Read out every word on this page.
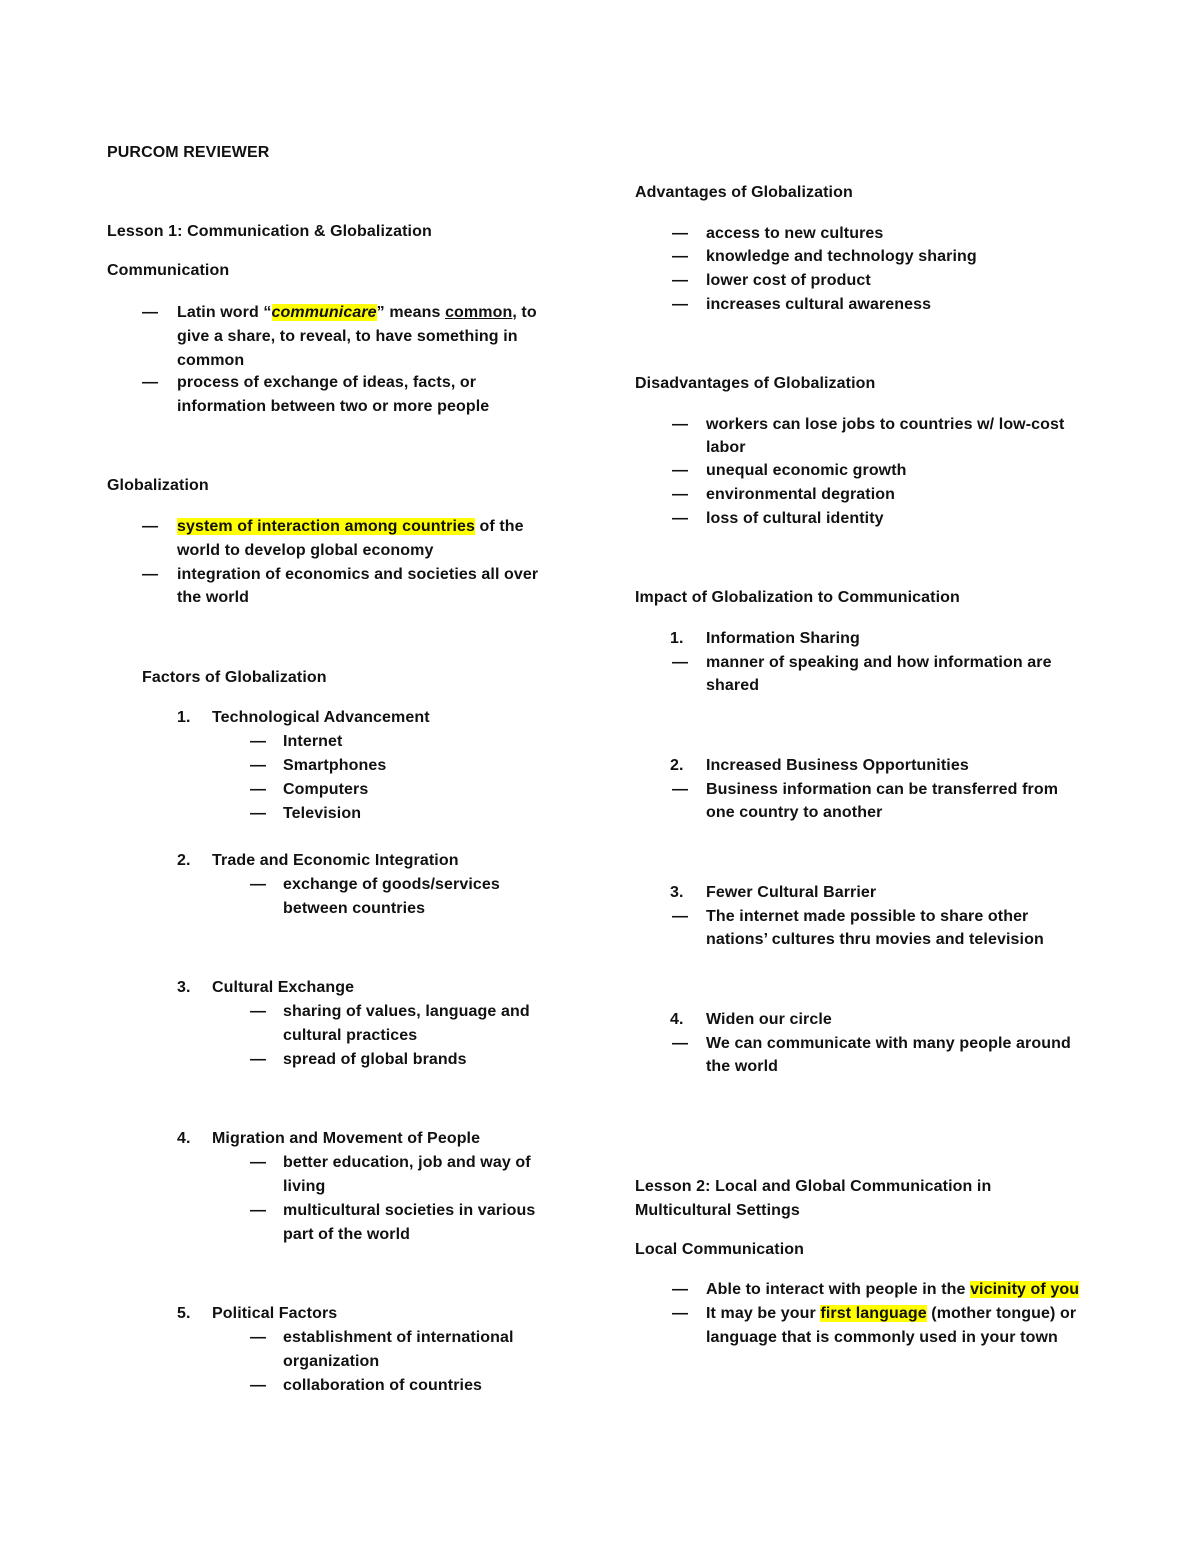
PURCOM REVIEWER
Lesson 1: Communication & Globalization
Communication
— Latin word “communicare” means common, to
give a share, to reveal, to have something in
common
— process of exchange of ideas, facts, or
information between two or more people
Globalization
— system of interaction among countries of the
world to develop global economy
— integration of economics and societies all over
the world
Factors of Globalization
1. Technological Advancement
— Internet
— Smartphones
— Computers
— Television
2. Trade and Economic Integration
— exchange of goods/services
between countries
3. Cultural Exchange
— sharing of values, language and
cultural practices
— spread of global brands
4. Migration and Movement of People
— better education, job and way of
living
— multicultural societies in various
part of the world
5. Political Factors
— establishment of international
organization
— collaboration of countries
Advantages of Globalization
— access to new cultures
— knowledge and technology sharing
— lower cost of product
— increases cultural awareness
Disadvantages of Globalization
— workers can lose jobs to countries w/ low-cost
labor
— unequal economic growth
— environmental degration
— loss of cultural identity
Impact of Globalization to Communication
1. Information Sharing
— manner of speaking and how information are
shared
2. Increased Business Opportunities
— Business information can be transferred from
one country to another
3. Fewer Cultural Barrier
— The internet made possible to share other
nations’ cultures thru movies and television
4. Widen our circle
— We can communicate with many people around
the world
Lesson 2: Local and Global Communication in
Multicultural Settings
Local Communication
— Able to interact with people in the vicinity of you
— It may be your first language (mother tongue) or
language that is commonly used in your town
